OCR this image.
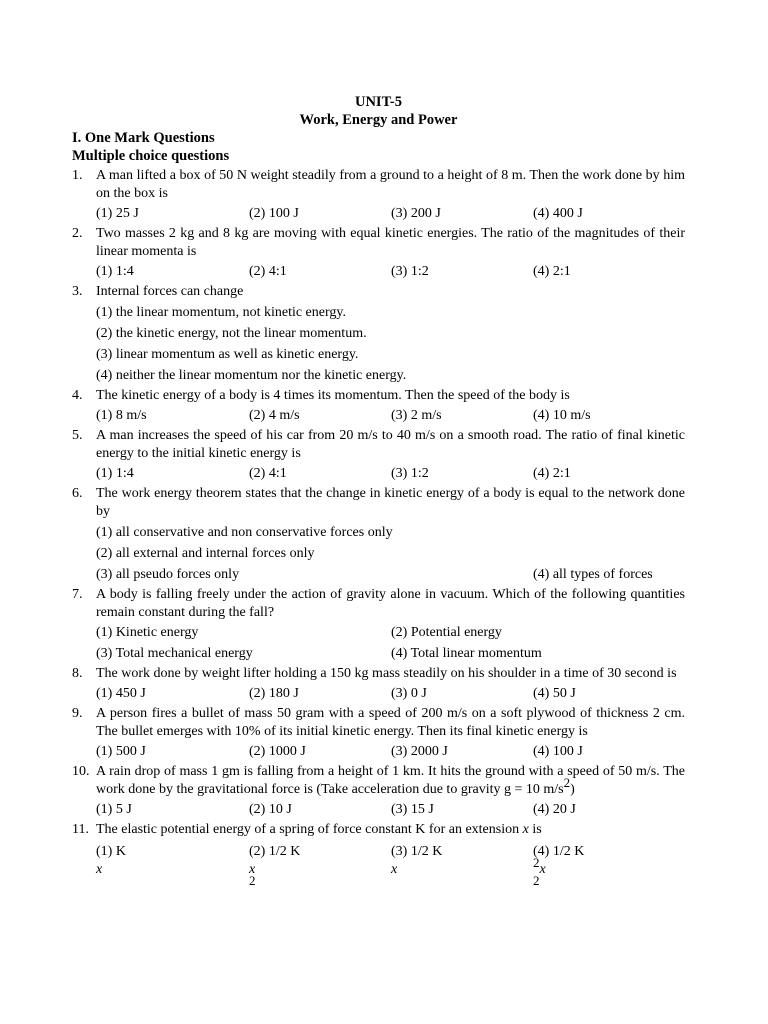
UNIT-5
Work, Energy and Power
I. One Mark Questions
Multiple choice questions
1. A man lifted a box of 50 N weight steadily from a ground to a height of 8 m. Then the work done by him on the box is
(1) 25 J	(2) 100 J	(3) 200 J	(4) 400 J
2. Two masses 2 kg and 8 kg are moving with equal kinetic energies. The ratio of the magnitudes of their linear momenta is
(1) 1:4	(2) 4:1	(3) 1:2	(4) 2:1
3. Internal forces can change
(1) the linear momentum, not kinetic energy.
(2) the kinetic energy, not the linear momentum.
(3) linear momentum as well as kinetic energy.
(4) neither the linear momentum nor the kinetic energy.
4. The kinetic energy of a body is 4 times its momentum. Then the speed of the body is
(1) 8 m/s	(2) 4 m/s	(3) 2 m/s	(4) 10 m/s
5. A man increases the speed of his car from 20 m/s to 40 m/s on a smooth road. The ratio of final kinetic energy to the initial kinetic energy is
(1) 1:4	(2) 4:1	(3) 1:2	(4) 2:1
6. The work energy theorem states that the change in kinetic energy of a body is equal to the network done by
(1) all conservative and non conservative forces only
(2) all external and internal forces only
(3) all pseudo forces only	(4) all types of forces
7. A body is falling freely under the action of gravity alone in vacuum. Which of the following quantities remain constant during the fall?
(1) Kinetic energy	(2) Potential energy
(3) Total mechanical energy	(4) Total linear momentum
8. The work done by weight lifter holding a 150 kg mass steadily on his shoulder in a time of 30 second is
(1) 450 J	(2) 180 J	(3) 0 J	(4) 50 J
9. A person fires a bullet of mass 50 gram with a speed of 200 m/s on a soft plywood of thickness 2 cm. The bullet emerges with 10% of its initial kinetic energy. Then its final kinetic energy is
(1) 500 J	(2) 1000 J	(3) 2000 J	(4) 100 J
10. A rain drop of mass 1 gm is falling from a height of 1 km. It hits the ground with a speed of 50 m/s. The work done by the gravitational force is (Take acceleration due to gravity g = 10 $m/s^2$)
(1) 5 J	(2) 10 J	(3) 15 J	(4) 20 J
11. The elastic potential energy of a spring of force constant K for an extension x is
(1) Kx
(2) 1/2 Kx$^2$
(3) 1/2 Kx
(4) 1/2 $K^2x^2$
